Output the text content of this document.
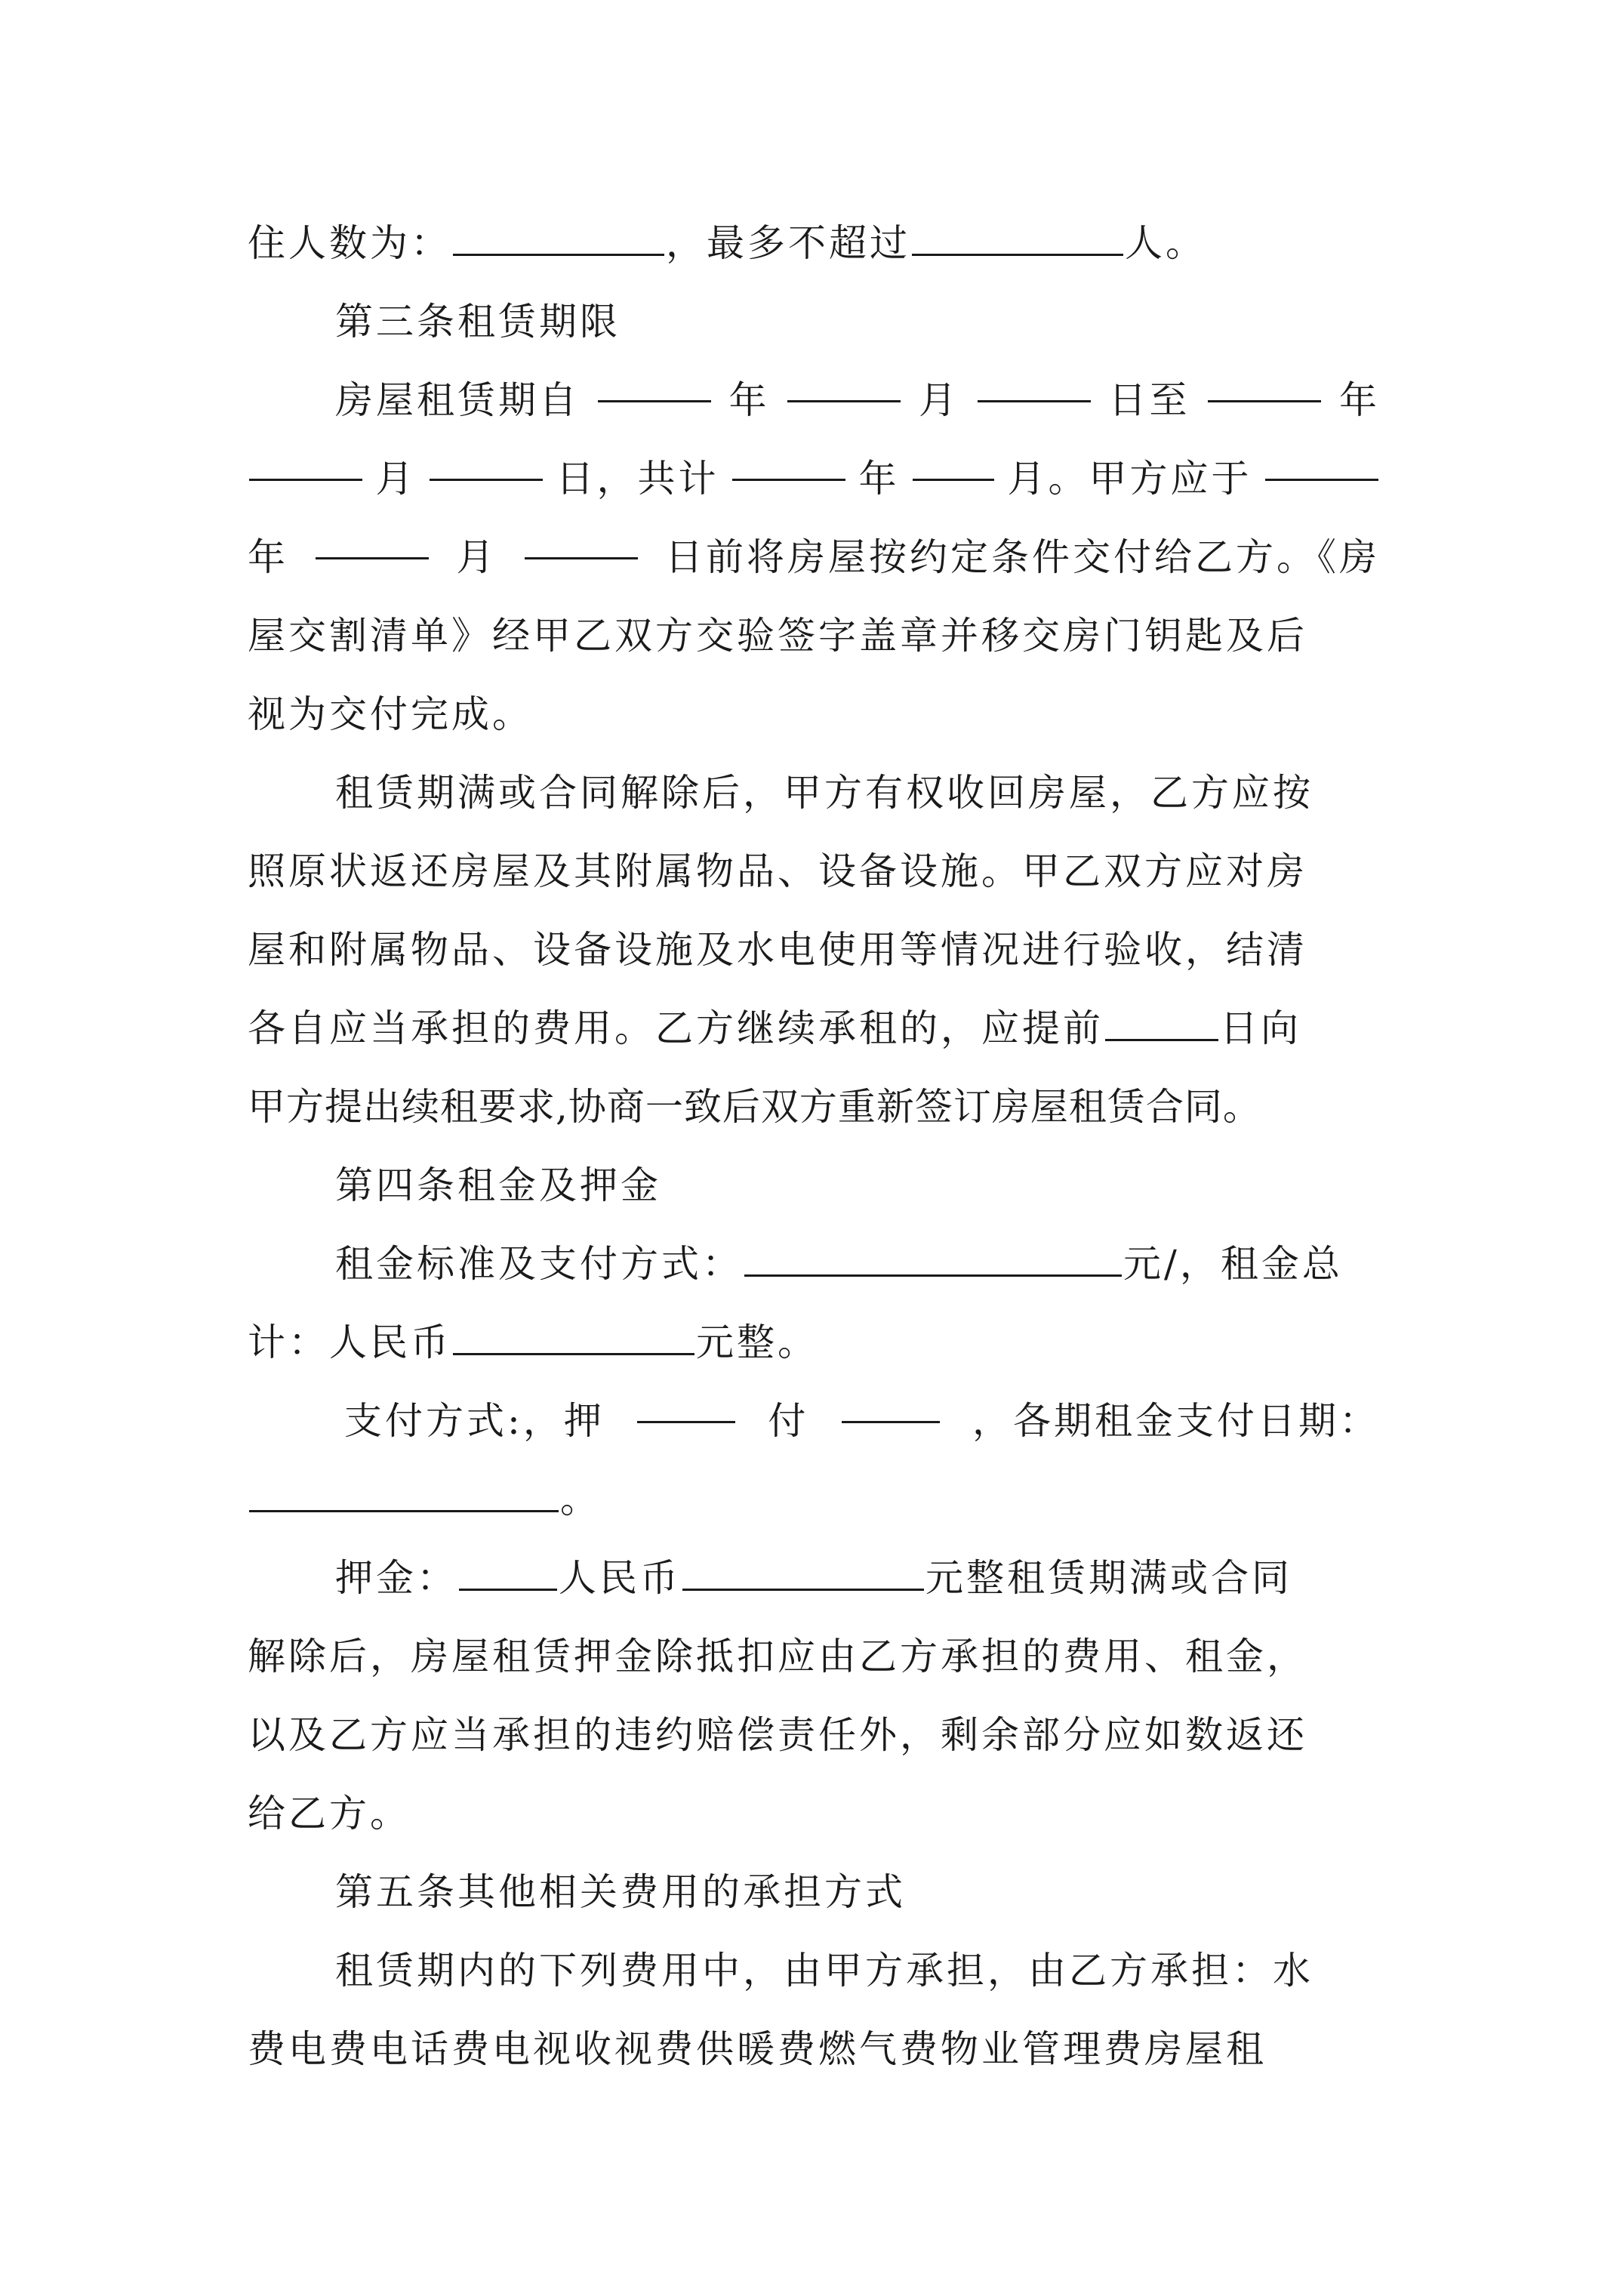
住人数为：	，最多不超过	人。
第三条租赁期限
房屋租赁期自	年	月	日至	年
月	日，共计	年	月。甲方应于
年	月	日前将房屋按约定条件交付给乙方。《房
屋交割清单》经甲乙双方交验签字盖章并移交房门钥匙及后
视为交付完成。
租赁期满或合同解除后，甲方有权收回房屋，乙方应按
照原状返还房屋及其附属物品、设备设施。甲乙双方应对房
屋和附属物品、设备设施及水电使用等情况进行验收，结清
各自应当承担的费用。乙方继续承租的，应提前	日向
甲方提出续租要求,协商一致后双方重新签订房屋租赁合同。
第四条租金及押金
租金标准及支付方式：	元/，租金总
计：人民币	元整。
支付方式:，押	付	，各期租金支付日期：
。
押金：	人民币	元整租赁期满或合同
解除后，房屋租赁押金除抵扣应由乙方承担的费用、租金，
以及乙方应当承担的违约赔偿责任外，剩余部分应如数返还
给乙方。
第五条其他相关费用的承担方式
租赁期内的下列费用中，由甲方承担，由乙方承担：水
费电费电话费电视收视费供暖费燃气费物业管理费房屋租
